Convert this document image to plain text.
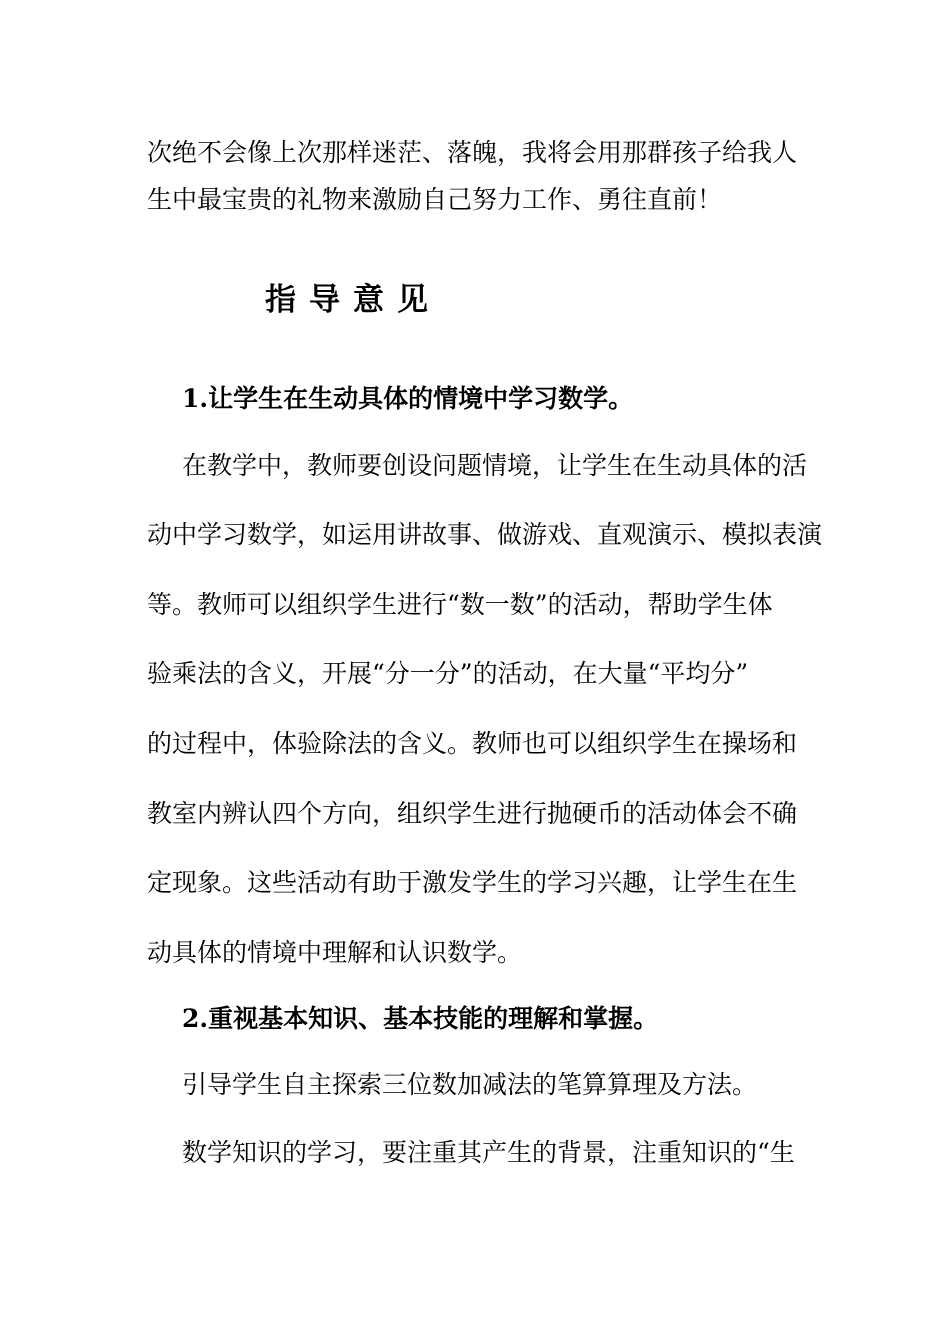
次绝不会像上次那样迷茫、落魄，我将会用那群孩子给我人
生中最宝贵的礼物来激励自己努力工作、勇往直前！
指导意见
1.让学生在生动具体的情境中学习数学。
在教学中，教师要创设问题情境，让学生在生动具体的活
动中学习数学，如运用讲故事、做游戏、直观演示、模拟表演
等。教师可以组织学生进行“数一数”的活动，帮助学生体
验乘法的含义，开展“分一分”的活动，在大量“平均分”
的过程中，体验除法的含义。教师也可以组织学生在操场和
教室内辨认四个方向，组织学生进行抛硬币的活动体会不确
定现象。这些活动有助于激发学生的学习兴趣，让学生在生
动具体的情境中理解和认识数学。
2.重视基本知识、基本技能的理解和掌握。
引导学生自主探索三位数加减法的笔算算理及方法。
数学知识的学习，要注重其产生的背景，注重知识的“生
